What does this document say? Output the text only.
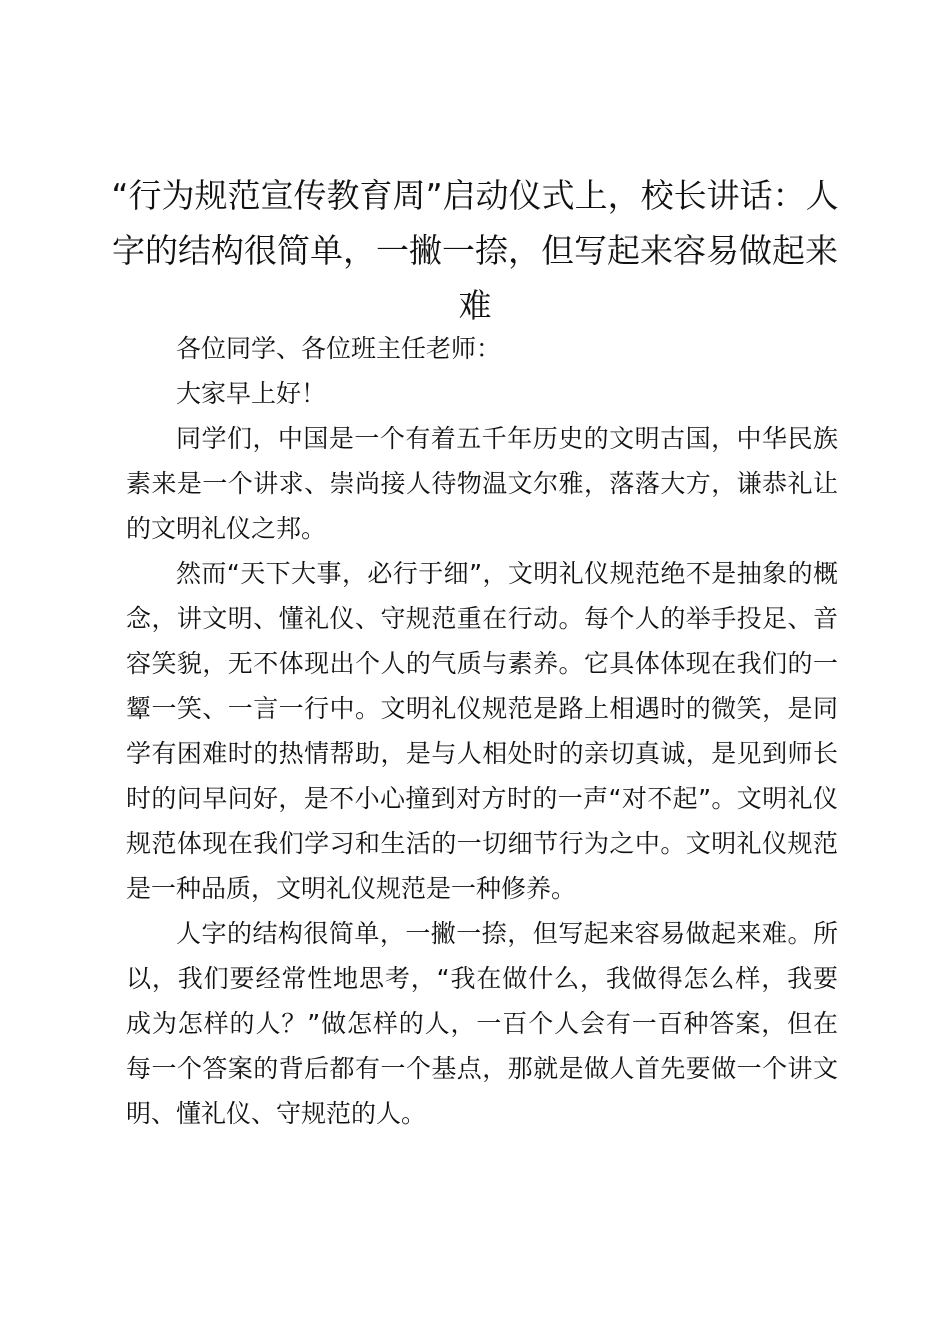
“行为规范宣传教育周”启动仪式上，校长讲话：人字的结构很简单，一撇一捺，但写起来容易做起来难

各位同学、各位班主任老师：

大家早上好！

同学们，中国是一个有着五千年历史的文明古国，中华民族素来是一个讲求、崇尚接人待物温文尔雅，落落大方，谦恭礼让的文明礼仪之邦。

然而“天下大事，必行于细”，文明礼仪规范绝不是抽象的概念，讲文明、懂礼仪、守规范重在行动。每个人的举手投足、音容笑貌，无不体现出个人的气质与素养。它具体体现在我们的一颦一笑、一言一行中。文明礼仪规范是路上相遇时的微笑，是同学有困难时的热情帮助，是与人相处时的亲切真诚，是见到师长时的问早问好，是不小心撞到对方时的一声“对不起”。文明礼仪规范体现在我们学习和生活的一切细节行为之中。文明礼仪规范是一种品质，文明礼仪规范是一种修养。

人字的结构很简单，一撇一捺，但写起来容易做起来难。所以，我们要经常性地思考，“我在做什么，我做得怎么样，我要成为怎样的人？”做怎样的人，一百个人会有一百种答案，但在每一个答案的背后都有一个基点，那就是做人首先要做一个讲文明、懂礼仪、守规范的人。
